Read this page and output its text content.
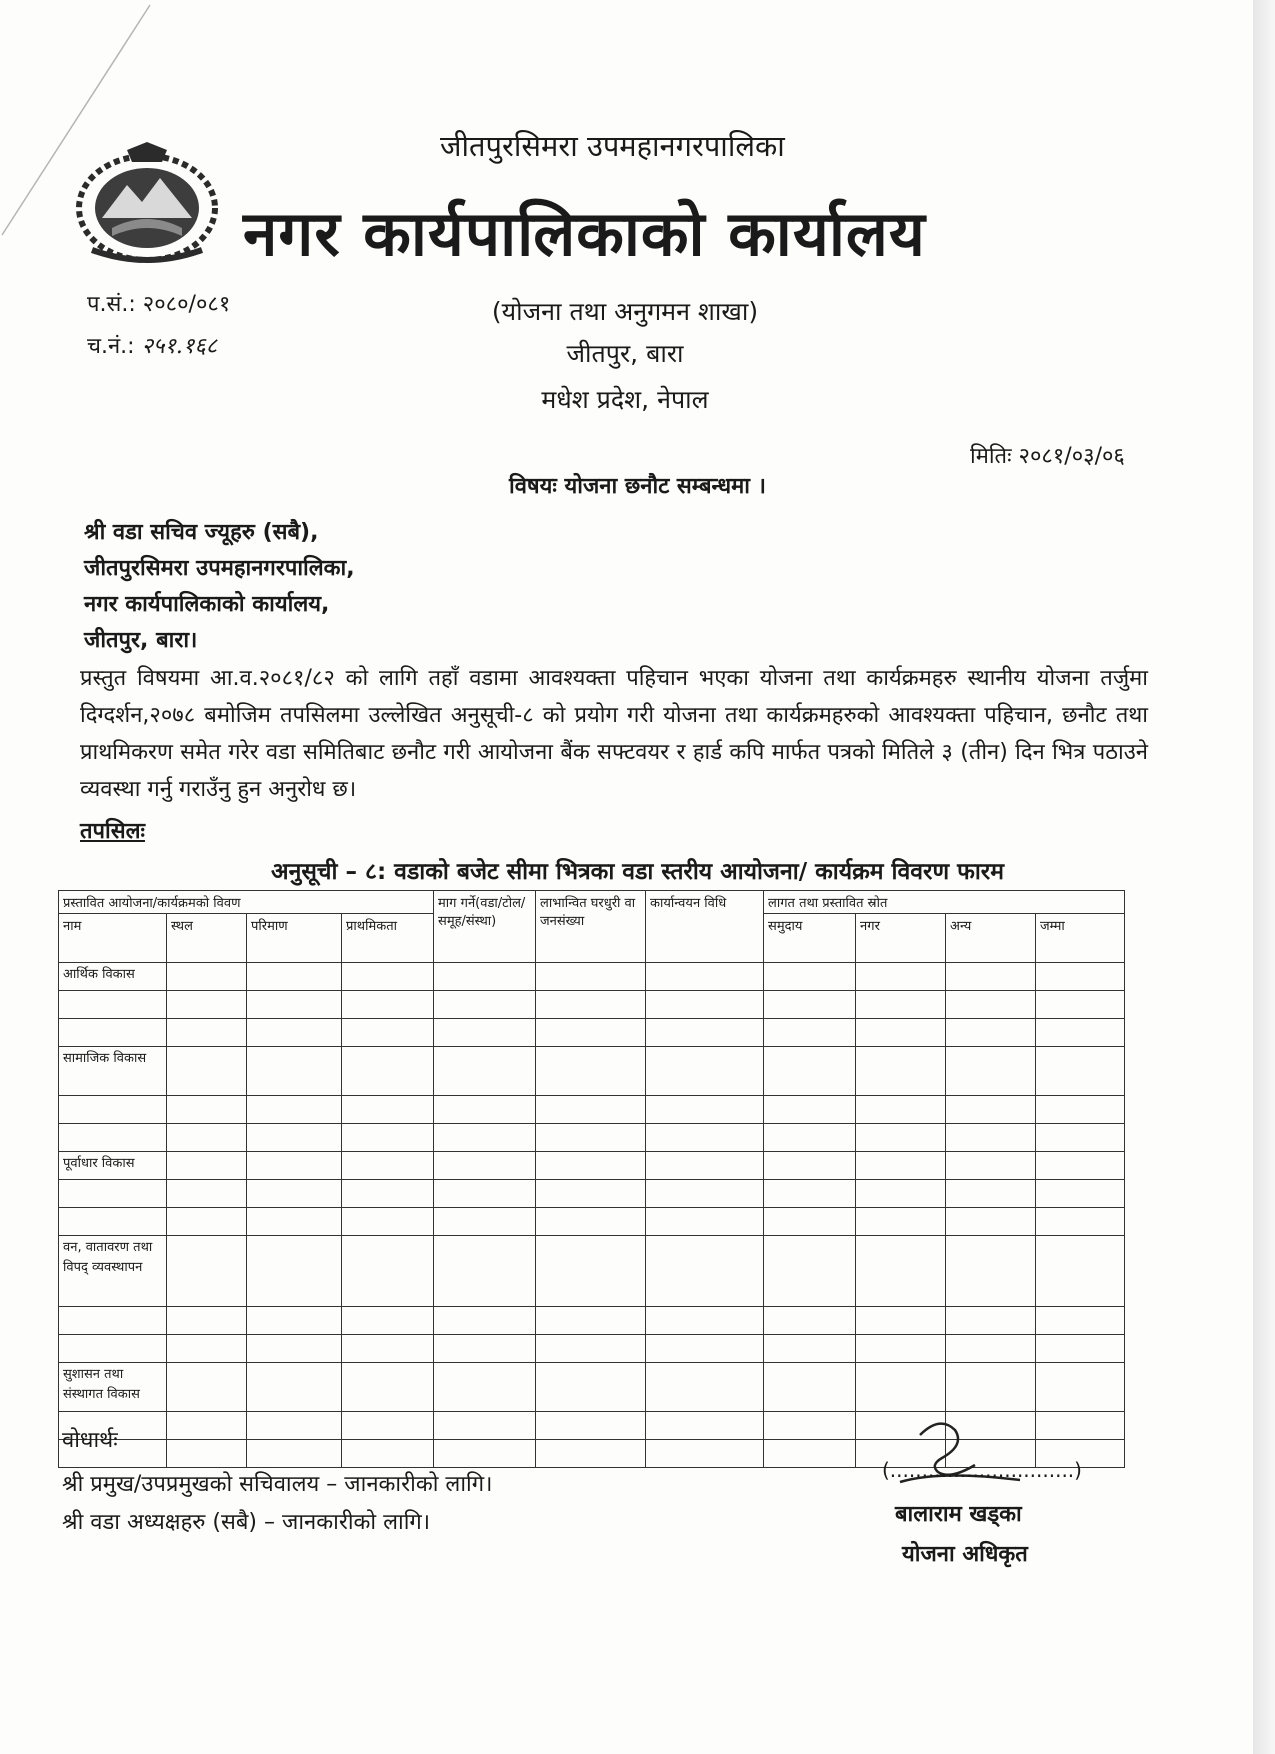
जीतपुरसिमरा उपमहानगरपालिका
नगर कार्यपालिकाको कार्यालय
प.सं.: २०८०/०८१
च.नं.: २५१.१६८
(योजना तथा अनुगमन शाखा)
जीतपुर, बारा
मधेश प्रदेश, नेपाल
मितिः २०८१/०३/०६
विषयः योजना छनौट सम्बन्धमा ।
श्री वडा सचिव ज्यूहरु (सबै),
जीतपुरसिमरा उपमहानगरपालिका,
नगर कार्यपालिकाको कार्यालय,
जीतपुर, बारा।

प्रस्तुत विषयमा आ.व.२०८१/८२ को लागि तहाँ वडामा आवश्यक्ता पहिचान भएका योजना तथा कार्यक्रमहरु स्थानीय योजना तर्जुमा दिग्दर्शन,२०७८ बमोजिम तपसिलमा उल्लेखित अनुसूची-८ को प्रयोग गरी योजना तथा कार्यक्रमहरुको आवश्यक्ता पहिचान, छनौट तथा प्राथमिकरण समेत गरेर वडा समितिबाट छनौट गरी आयोजना बैंक सफ्टवयर र हार्ड कपि मार्फत पत्रको मितिले ३ (तीन) दिन भित्र पठाउने व्यवस्था गर्नु गराउँनु हुन अनुरोध छ।

तपसिलः
अनुसूची – ८: वडाको बजेट सीमा भित्रका वडा स्तरीय आयोजना/ कार्यक्रम विवरण फारम
प्रस्तावित आयोजना/कार्यक्रमको विवण				माग गर्ने(वडा/टोल/ समूह/संस्था)	लाभान्वित घरधुरी वा जनसंख्या	कार्यान्वयन विधि	लागत तथा प्रस्तावित स्रोत			
नाम	स्थल	परिमाण	प्राथमिकता				समुदाय	नगर	अन्य	जम्मा
आर्थिक विकास										

सामाजिक विकास										

पूर्वाधार विकास										

वन, वातावरण तथा विपद् व्यवस्थापन										

सुशासन तथा संस्थागत विकास										

वोधार्थः
श्री प्रमुख/उपप्रमुखको सचिवालय – जानकारीको लागि।
श्री वडा अध्यक्षहरु (सबै) – जानकारीको लागि।
(.............................)
बालाराम खड्का
योजना अधिकृत
